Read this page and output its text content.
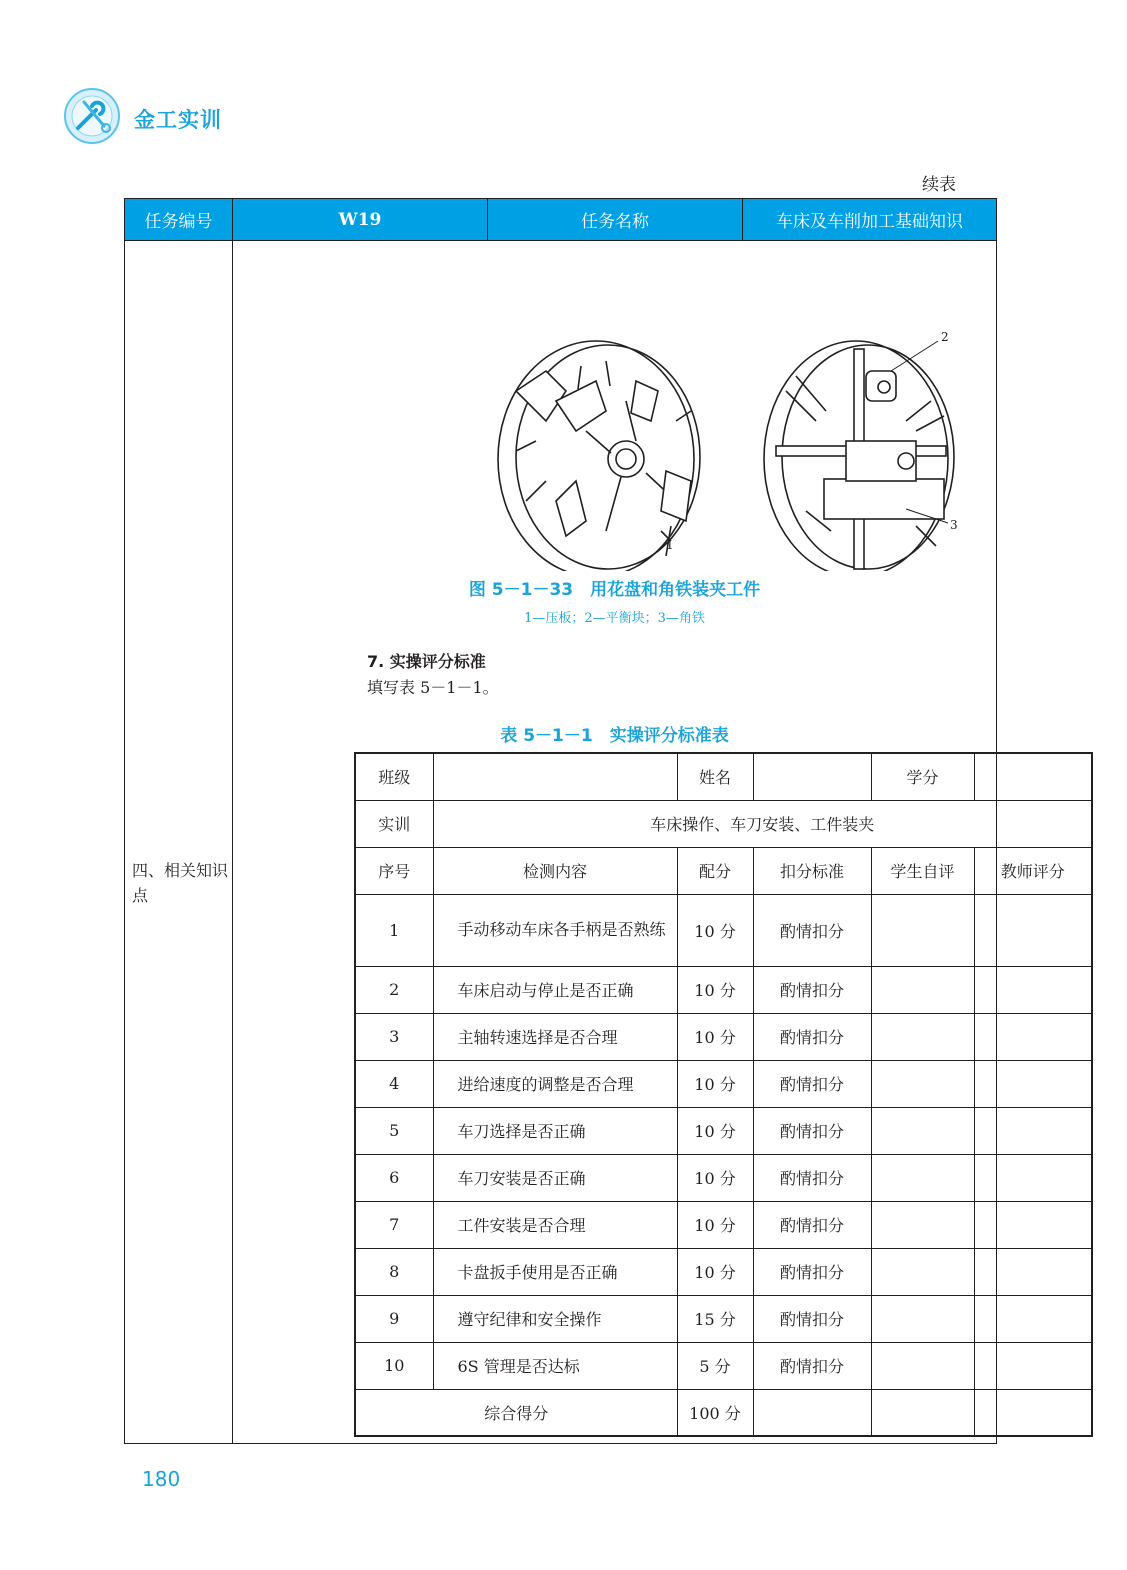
金工实训
续表
任务编号	W19	任务名称	车床及车削加工基础知识
四、相关知识点
1
2
3
图 5－1－33　用花盘和角铁装夹工件
1—压板；2—平衡块；3—角铁
7. 实操评分标准
填写表 5－1－1。
表 5－1－1　实操评分标准表
班级		姓名		学分	
实训	车床操作、车刀安装、工件装夹				
序号	检测内容	配分	扣分标准	学生自评	教师评分
1	手动移动车床各手柄是否熟练	10 分	酌情扣分		
2	车床启动与停止是否正确	10 分	酌情扣分		
3	主轴转速选择是否合理	10 分	酌情扣分		
4	进给速度的调整是否合理	10 分	酌情扣分		
5	车刀选择是否正确	10 分	酌情扣分		
6	车刀安装是否正确	10 分	酌情扣分		
7	工件安装是否合理	10 分	酌情扣分		
8	卡盘扳手使用是否正确	10 分	酌情扣分		
9	遵守纪律和安全操作	15 分	酌情扣分		
10	6S 管理是否达标	5 分	酌情扣分		
综合得分		100 分			
180
